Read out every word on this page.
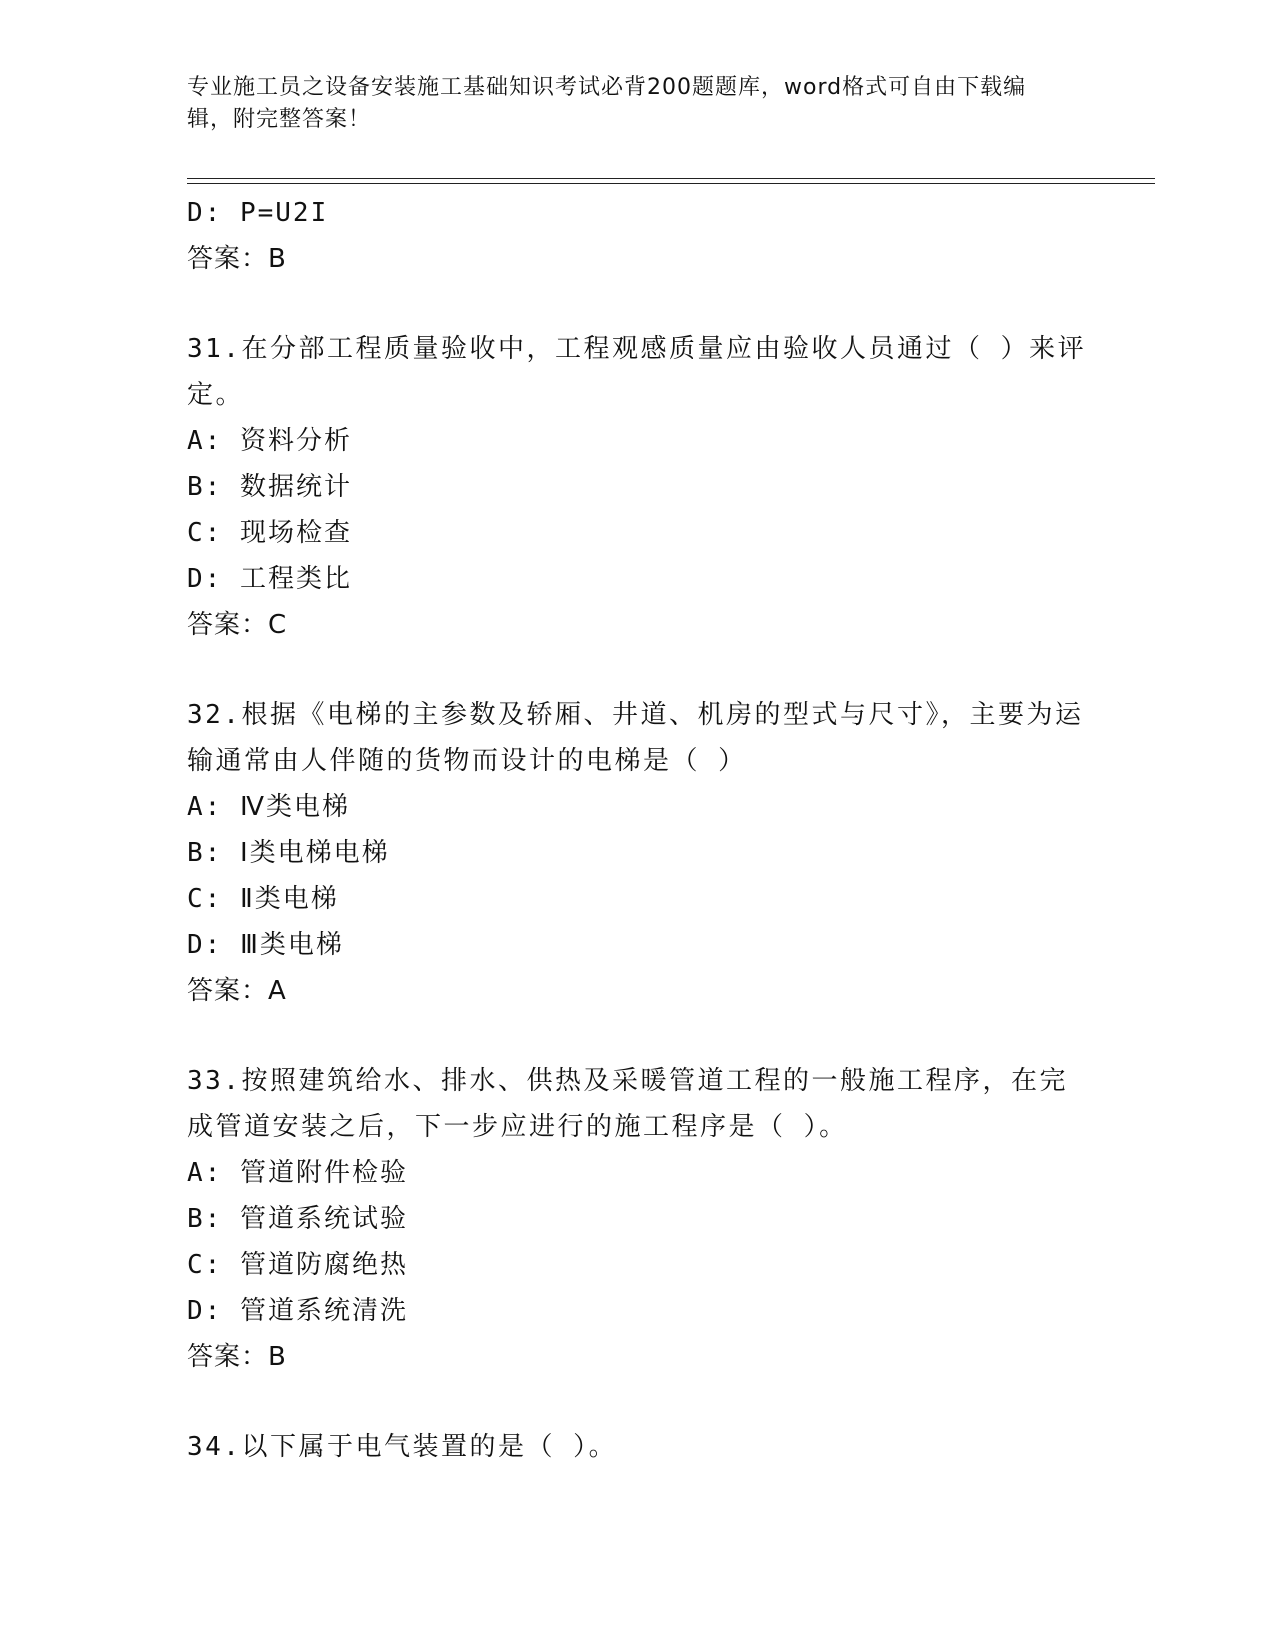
专业施工员之设备安装施工基础知识考试必背200题题库，word格式可自由下载编辑，附完整答案！
D: P=U2I
答案：B
31.在分部工程质量验收中，工程观感质量应由验收人员通过（ ）来评定。
A: 资料分析
B: 数据统计
C: 现场检查
D: 工程类比
答案：C
32.根据《电梯的主参数及轿厢、井道、机房的型式与尺寸》，主要为运输通常由人伴随的货物而设计的电梯是（ ）
A: Ⅳ类电梯
B: Ⅰ类电梯电梯
C: Ⅱ类电梯
D: Ⅲ类电梯
答案：A
33.按照建筑给水、排水、供热及采暖管道工程的一般施工程序，在完成管道安装之后，下一步应进行的施工程序是（ ）。
A: 管道附件检验
B: 管道系统试验
C: 管道防腐绝热
D: 管道系统清洗
答案：B
34.以下属于电气装置的是（ ）。
